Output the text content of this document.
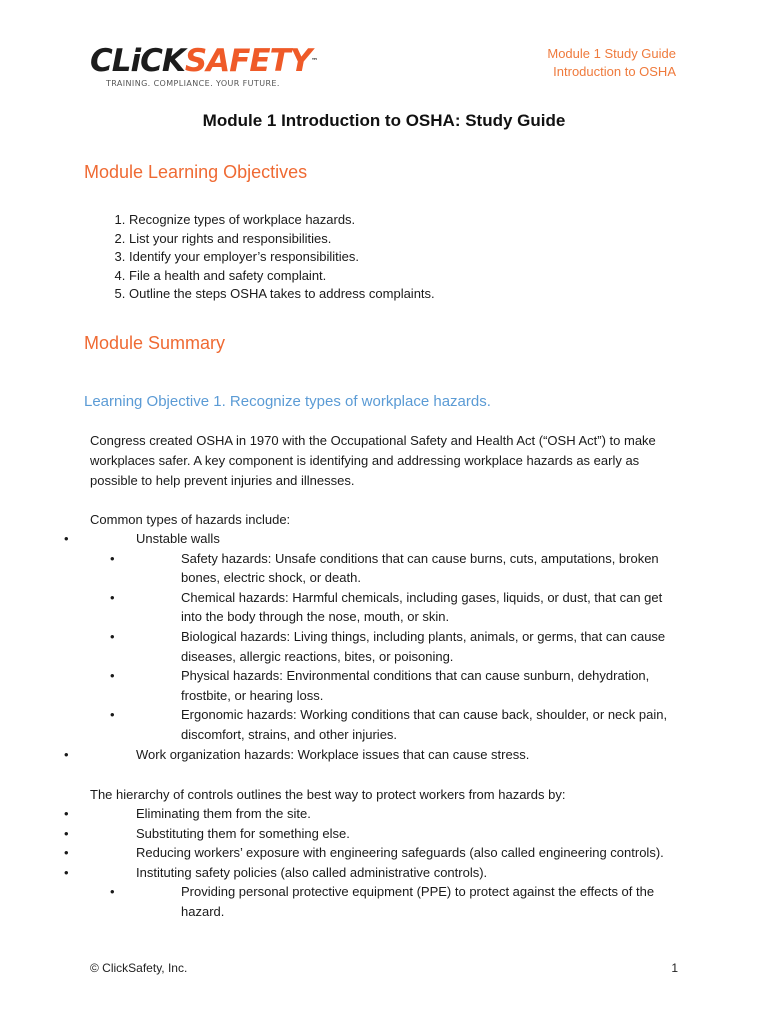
CLiCKSAFETY™
TRAINING. COMPLIANCE. YOUR FUTURE.
Module 1 Study Guide
Introduction to OSHA
Module 1 Introduction to OSHA: Study Guide
Module Learning Objectives
1. Recognize types of workplace hazards.
2. List your rights and responsibilities.
3. Identify your employer’s responsibilities.
4. File a health and safety complaint.
5. Outline the steps OSHA takes to address complaints.
Module Summary
Learning Objective 1. Recognize types of workplace hazards.

Congress created OSHA in 1970 with the Occupational Safety and Health Act (“OSH Act”) to make workplaces safer. A key component is identifying and addressing workplace hazards as early as possible to help prevent injuries and illnesses.

Common types of hazards include:

• Unstable walls
• Safety hazards: Unsafe conditions that can cause burns, cuts, amputations, broken bones, electric shock, or death.
• Chemical hazards: Harmful chemicals, including gases, liquids, or dust, that can get into the body through the nose, mouth, or skin.
• Biological hazards: Living things, including plants, animals, or germs, that can cause diseases, allergic reactions, bites, or poisoning.
• Physical hazards: Environmental conditions that can cause sunburn, dehydration, frostbite, or hearing loss.
• Ergonomic hazards: Working conditions that can cause back, shoulder, or neck pain, discomfort, strains, and other injuries.
• Work organization hazards: Workplace issues that can cause stress.

The hierarchy of controls outlines the best way to protect workers from hazards by:

• Eliminating them from the site.
• Substituting them for something else.
• Reducing workers’ exposure with engineering safeguards (also called engineering controls).
• Instituting safety policies (also called administrative controls).
• Providing personal protective equipment (PPE) to protect against the effects of the hazard.
© ClickSafety, Inc.	1
